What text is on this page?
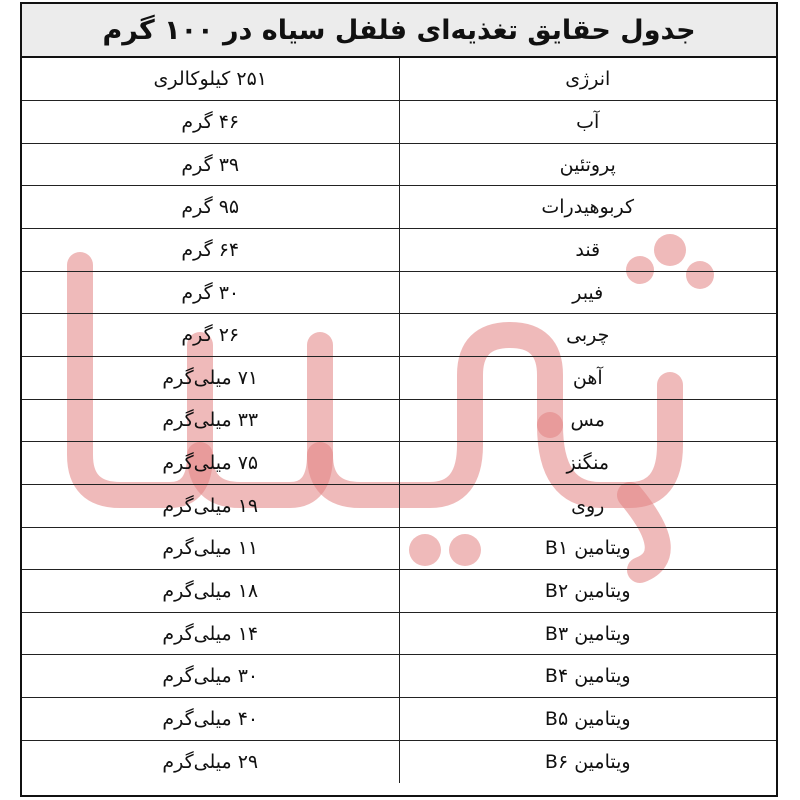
جدول حقایق تغذیه‌ای فلفل سیاه در ۱۰۰ گرم
انرژی	۲۵۱ کیلوکالری
آب	۴۶ گرم
پروتئین	۳۹ گرم
کربوهیدرات	۹۵ گرم
قند	۶۴ گرم
فیبر	۳۰ گرم
چربی	۲۶ گرم
آهن	۷۱ میلی‌گرم
مس	۳۳ میلی‌گرم
منگنز	۷۵ میلی‌گرم
روی	۱۹ میلی‌گرم
ویتامین B۱	۱۱ میلی‌گرم
ویتامین B۲	۱۸ میلی‌گرم
ویتامین B۳	۱۴ میلی‌گرم
ویتامین B۴	۳۰ میلی‌گرم
ویتامین B۵	۴۰ میلی‌گرم
ویتامین B۶	۲۹ میلی‌گرم
